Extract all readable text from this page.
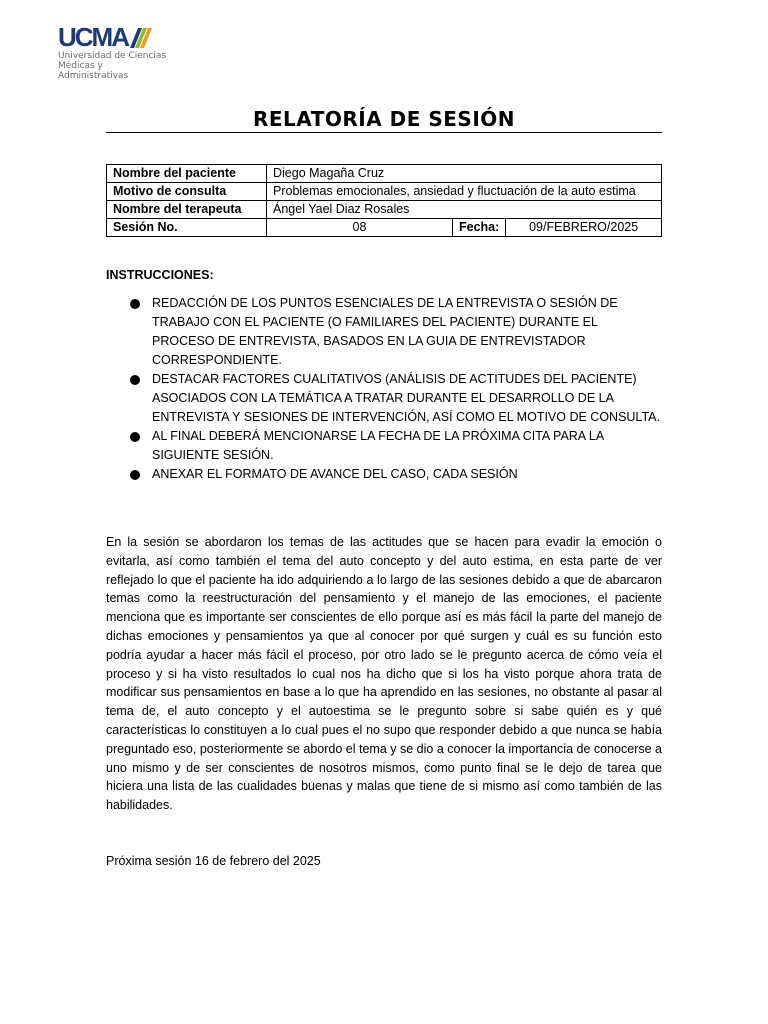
UCMA
Universidad de Ciencias Médicas y Administrativas
RELATORÍA DE SESIÓN
Nombre del paciente	Diego Magaña Cruz		
Motivo de consulta	Problemas emocionales, ansiedad y fluctuación de la auto estima		
Nombre del terapeuta	Ángel Yael Diaz Rosales		
Sesión No.	08	Fecha:	09/FEBRERO/2025
INSTRUCCIONES:
REDACCIÓN DE LOS PUNTOS ESENCIALES DE LA ENTREVISTA O SESIÓN DE TRABAJO CON EL PACIENTE (O FAMILIARES DEL PACIENTE) DURANTE EL PROCESO DE ENTREVISTA, BASADOS EN LA GUIA DE ENTREVISTADOR CORRESPONDIENTE.
DESTACAR FACTORES CUALITATIVOS (ANÁLISIS DE ACTITUDES DEL PACIENTE) ASOCIADOS CON LA TEMÁTICA A TRATAR DURANTE EL DESARROLLO DE LA ENTREVISTA Y SESIONES DE INTERVENCIÓN, ASÍ COMO EL MOTIVO DE CONSULTA.
AL FINAL DEBERÁ MENCIONARSE LA FECHA DE LA PRÓXIMA CITA PARA LA SIGUIENTE SESIÓN.
ANEXAR EL FORMATO DE AVANCE DEL CASO, CADA SESIÓN

En la sesión se abordaron los temas de las actitudes que se hacen para evadir la emoción o evitarla, así como también el tema del auto concepto y del auto estima, en esta parte de ver reflejado lo que el paciente ha ido adquiriendo a lo largo de las sesiones debido a que de abarcaron temas como la reestructuración del pensamiento y el manejo de las emociones, el paciente menciona que es importante ser conscientes de ello porque así es más fácil la parte del manejo de dichas emociones y pensamientos ya que al conocer por qué surgen y cuál es su función esto podría ayudar a hacer más fácil el proceso, por otro lado se le pregunto acerca de cómo veía el proceso y si ha visto resultados lo cual nos ha dicho que si los ha visto porque ahora trata de modificar sus pensamientos en base a lo que ha aprendido en las sesiones, no obstante al pasar al tema de, el auto concepto y el autoestima se le pregunto sobre si sabe quién es y qué características lo constituyen a lo cual pues el no supo que responder debido a que nunca se había preguntado eso, posteriormente se abordo el tema y se dio a conocer la importancia de conocerse a uno mismo y de ser conscientes de nosotros mismos, como punto final se le dejo de tarea que hiciera una lista de las cualidades buenas y malas que tiene de si mismo así como también de las habilidades.

Próxima sesión 16 de febrero del 2025
